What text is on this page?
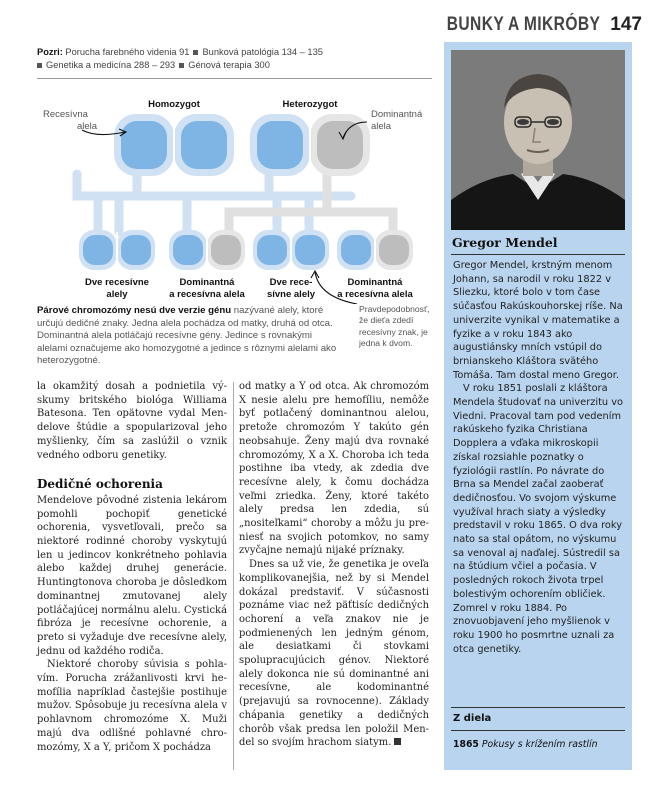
BUNKY A MIKRÓBY 147
Pozri: Porucha farebného videnia 91 Bunková patológia 134 – 135
Genetika a medicína 288 – 293 Génová terapia 300
Homozygot	Heterozygot
Recesívna
alela
Dominantná
alela
Dve recesívne
alely
Dominantná
a recesívna alela
Dve rece-
sívne alely
Dominantná
a recesívna alela
Párové chromozómy nesú dve verzie génu nazývané alely, ktoré určujú dedičné znaky. Jedna alela pochádza od matky, druhá od otca. Dominantná alela potláčajú recesívne gény. Jedince s rovnakými alelami označujeme ako homozygotné a jedince s rôznymi alelami ako heterozygotné.
Pravdepodobnosť, že dieťa zdedí recesívny znak, je jedna k dvom.

la okamžitý dosah a podnietila výskumy britského biológa Williama Batesona. Ten opätovne vydal Mendelove štúdie a spopularizoval jeho myšlienky, čím sa zaslúžil o vznik vedného odboru genetiky.

Dedičné ochorenia

Mendelove pôvodné zistenia lekárom pomohli pochopiť genetické ochorenia, vysvetľovali, prečo sa niektoré rodinné choroby vyskytujú len u jedincov konkrétneho pohlavia alebo každej druhej generácie. Huntingtonova choroba je dôsledkom dominantnej zmutovanej alely potláčajúcej normálnu alelu. Cystická fibróza je recesívne ochorenie, a preto si vyžaduje dve recesívne alely, jednu od každého rodiča.

Niektoré choroby súvisia s pohlavím. Porucha zrážanlivosti krvi hemofília napríklad častejšie postihuje mužov. Spôsobuje ju recesívna alela v pohlavnom chromozóme X. Muži majú dva odlišné pohlavné chromozómy, X a Y, pričom X pochádza

od matky a Y od otca. Ak chromozóm X nesie alelu pre hemofíliu, nemôže byť potlačený dominantnou alelou, pretože chromozóm Y takúto gén neobsahuje. Ženy majú dva rovnaké chromozómy, X a X. Choroba ich teda postihne iba vtedy, ak zdedia dve recesívne alely, k čomu dochádza veľmi zriedka. Ženy, ktoré takéto alely predsa len zdedia, sú „nositeľkami“ choroby a môžu ju preniesť na svojich potomkov, no samy zvyčajne nemajú nijaké príznaky.

Dnes sa už vie, že genetika je oveľa komplikovanejšia, než by si Mendel dokázal predstaviť. V súčasnosti poznáme viac než päťtisíc dedičných ochorení a veľa znakov nie je podmienených len jedným génom, ale desiatkami či stovkami spolupracujúcich génov. Niektoré alely dokonca nie sú dominantné ani recesívne, ale kodominantné (prejavujú sa rovnocenne). Základy chápania genetiky a dedičných chorôb však predsa len položil Mendel so svojím hrachom siatym.

Gregor Mendel

Gregor Mendel, krstným menom Johann, sa narodil v roku 1822 v Sliezku, ktoré bolo v tom čase súčasťou Rakúskouhorskej ríše. Na univerzite vynikal v matematike a fyzike a v roku 1843 ako augustiánsky mních vstúpil do brnianskeho Kláštora svätého Tomáša. Tam dostal meno Gregor.

V roku 1851 poslali z kláštora Mendela študovať na univerzitu vo Viedni. Pracoval tam pod vedením rakúskeho fyzika Christiana Dopplera a vďaka mikroskopii získal rozsiahle poznatky o fyziológii rastlín. Po návrate do Brna sa Mendel začal zaoberať dedičnosťou. Vo svojom výskume využíval hrach siaty a výsledky predstavil v roku 1865. O dva roky nato sa stal opátom, no výskumu sa venoval aj naďalej. Sústredil sa na štúdium včiel a počasia. V posledných rokoch života trpel bolestivým ochorením obličiek. Zomrel v roku 1884. Po znovuobjavení jeho myšlienok v roku 1900 ho posmrtne uznali za otca genetiky.

Z diela
1865 Pokusy s krížením rastlín
